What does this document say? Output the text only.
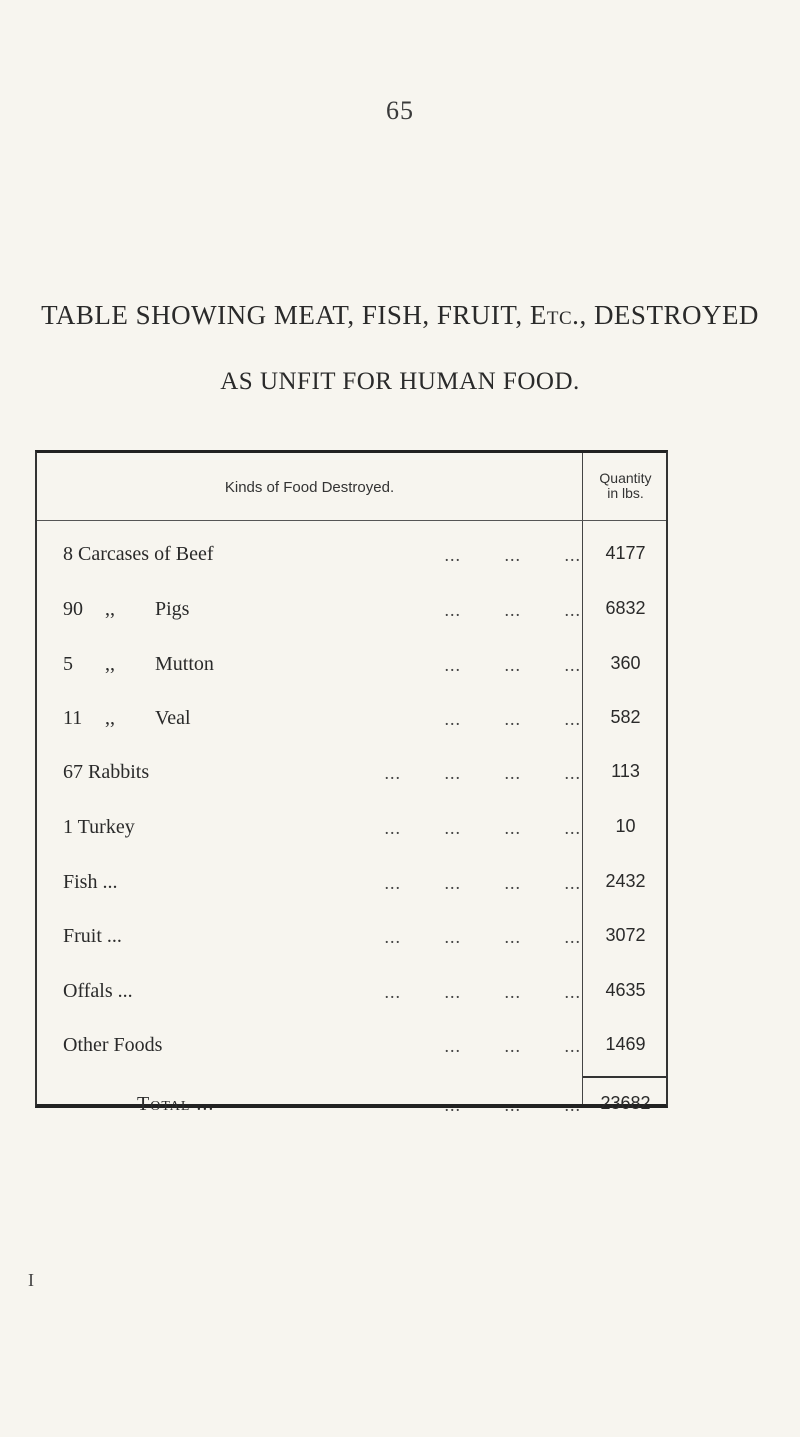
65
TABLE SHOWING MEAT, FISH, FRUIT, Etc., DESTROYED
AS UNFIT FOR HUMAN FOOD.
Kinds of Food Destroyed.
Quantity
in lbs.
8 Carcases of Beef	... ... ...	4177
90 ,, Pigs	... ... ...	6832
5 ,, Mutton	... ... ...	360
11 ,, Veal	... ... ...	582
67 Rabbits	... ... ... ...	113
1 Turkey	... ... ... ...	10
Fish ...	... ... ... ...	2432
Fruit ...	... ... ... ...	3072
Offals ...	... ... ... ...	4635
Other Foods	... ... ...	1469
Total ...	... ... ...	23682
I
